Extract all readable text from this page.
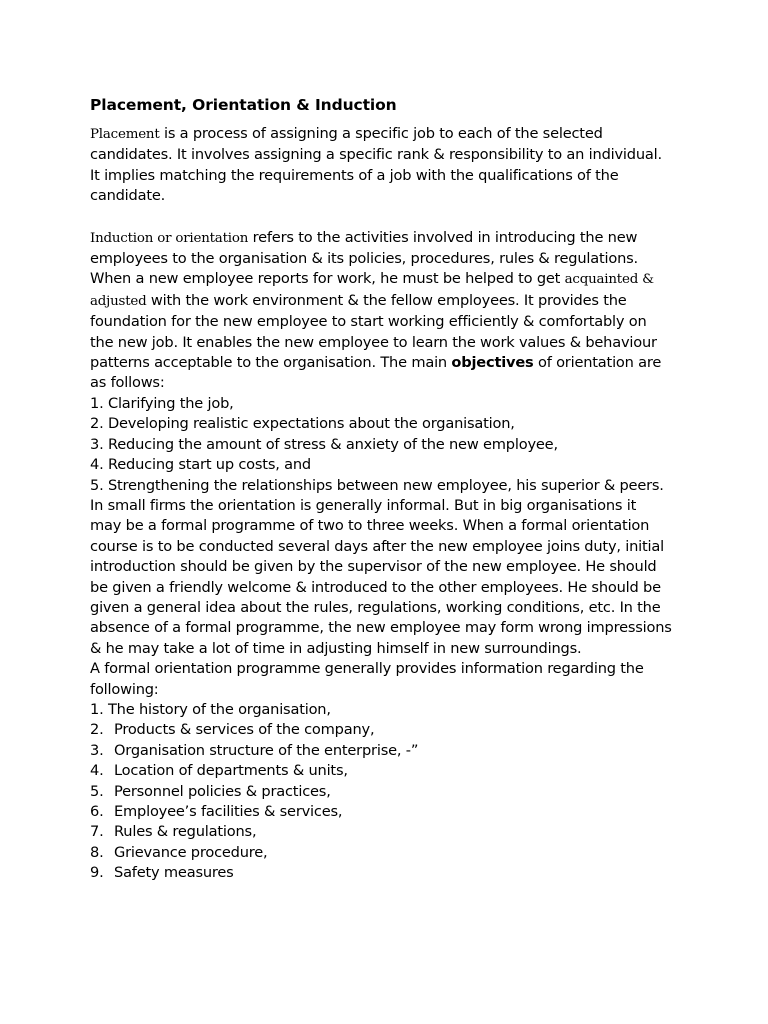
Placement, Orientation & Induction

Placement is a process of assigning a specific job to each of the selected
candidates. It involves assigning a specific rank & responsibility to an individual.
It implies matching the requirements of a job with the qualifications of the
candidate.

Induction or orientation refers to the activities involved in introducing the new
employees to the organisation & its policies, procedures, rules & regulations.
When a new employee reports for work, he must be helped to get acquainted &
adjusted with the work environment & the fellow employees. It provides the
foundation for the new employee to start working efficiently & comfortably on
the new job. It enables the new employee to learn the work values & behaviour
patterns acceptable to the organisation. The main objectives of orientation are
as follows:

1. Clarifying the job,
2. Developing realistic expectations about the organisation,
3. Reducing the amount of stress & anxiety of the new employee,
4. Reducing start up costs, and
5. Strengthening the relationships between new employee, his superior & peers.

In small firms the orientation is generally informal. But in big organisations it
may be a formal programme of two to three weeks. When a formal orientation
course is to be conducted several days after the new employee joins duty, initial
introduction should be given by the supervisor of the new employee. He should
be given a friendly welcome & introduced to the other employees. He should be
given a general idea about the rules, regulations, working conditions, etc. In the
absence of a formal programme, the new employee may form wrong impressions
& he may take a lot of time in adjusting himself in new surroundings.

A formal orientation programme generally provides information regarding the
following:

1. The history of the organisation,
2. Products & services of the company,
3. Organisation structure of the enterprise, -”
4. Location of departments & units,
5. Personnel policies & practices,
6. Employee’s facilities & services,
7. Rules & regulations,
8. Grievance procedure,
9. Safety measures
